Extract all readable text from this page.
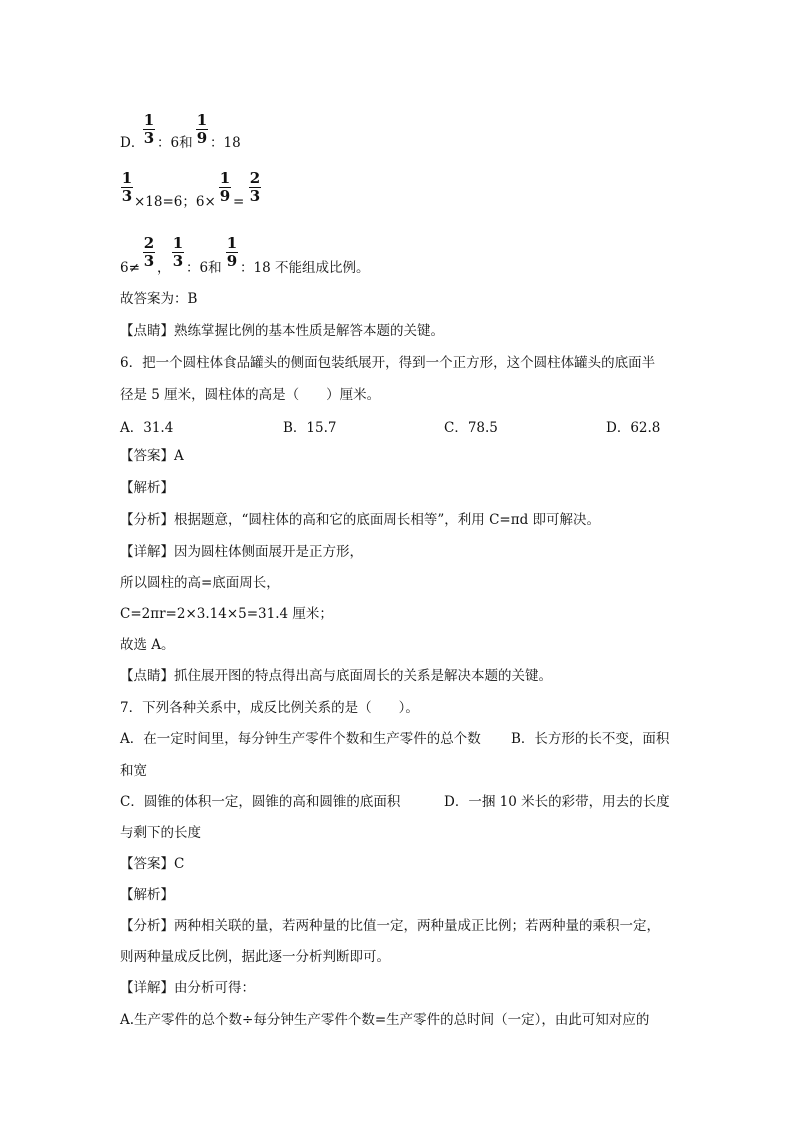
D．
1
3 ：6和
1
9 ：18
1
3 ×18=6；6×
1
9 =
2
3
6≠
2
3 ，
1
3 ：6和
1
9 ：18 不能组成比例。
故答案为：B
【点睛】熟练掌握比例的基本性质是解答本题的关键。
6．把一个圆柱体食品罐头的侧面包装纸展开，得到一个正方形，这个圆柱体罐头的底面半
径是 5 厘米，圆柱体的高是（　　）厘米。
A．31.4	B．15.7	C．78.5	D．62.8
【答案】A
【解析】
【分析】根据题意，“圆柱体的高和它的底面周长相等”，利用 C=πd 即可解决。
【详解】因为圆柱体侧面展开是正方形，
所以圆柱的高=底面周长，
C=2πr=2×3.14×5=31.4 厘米；
故选 A。
【点睛】抓住展开图的特点得出高与底面周长的关系是解决本题的关键。
7．下列各种关系中，成反比例关系的是（　　）。
A．在一定时间里，每分钟生产零件个数和生产零件的总个数 B．长方形的长不变，面积
和宽
C．圆锥的体积一定，圆锥的高和圆锥的底面积	D．一捆 10 米长的彩带，用去的长度
与剩下的长度
【答案】C
【解析】
【分析】两种相关联的量，若两种量的比值一定，两种量成正比例；若两种量的乘积一定，
则两种量成反比例，据此逐一分析判断即可。
【详解】由分析可得：
A.生产零件的总个数÷每分钟生产零件个数=生产零件的总时间（一定），由此可知对应的
